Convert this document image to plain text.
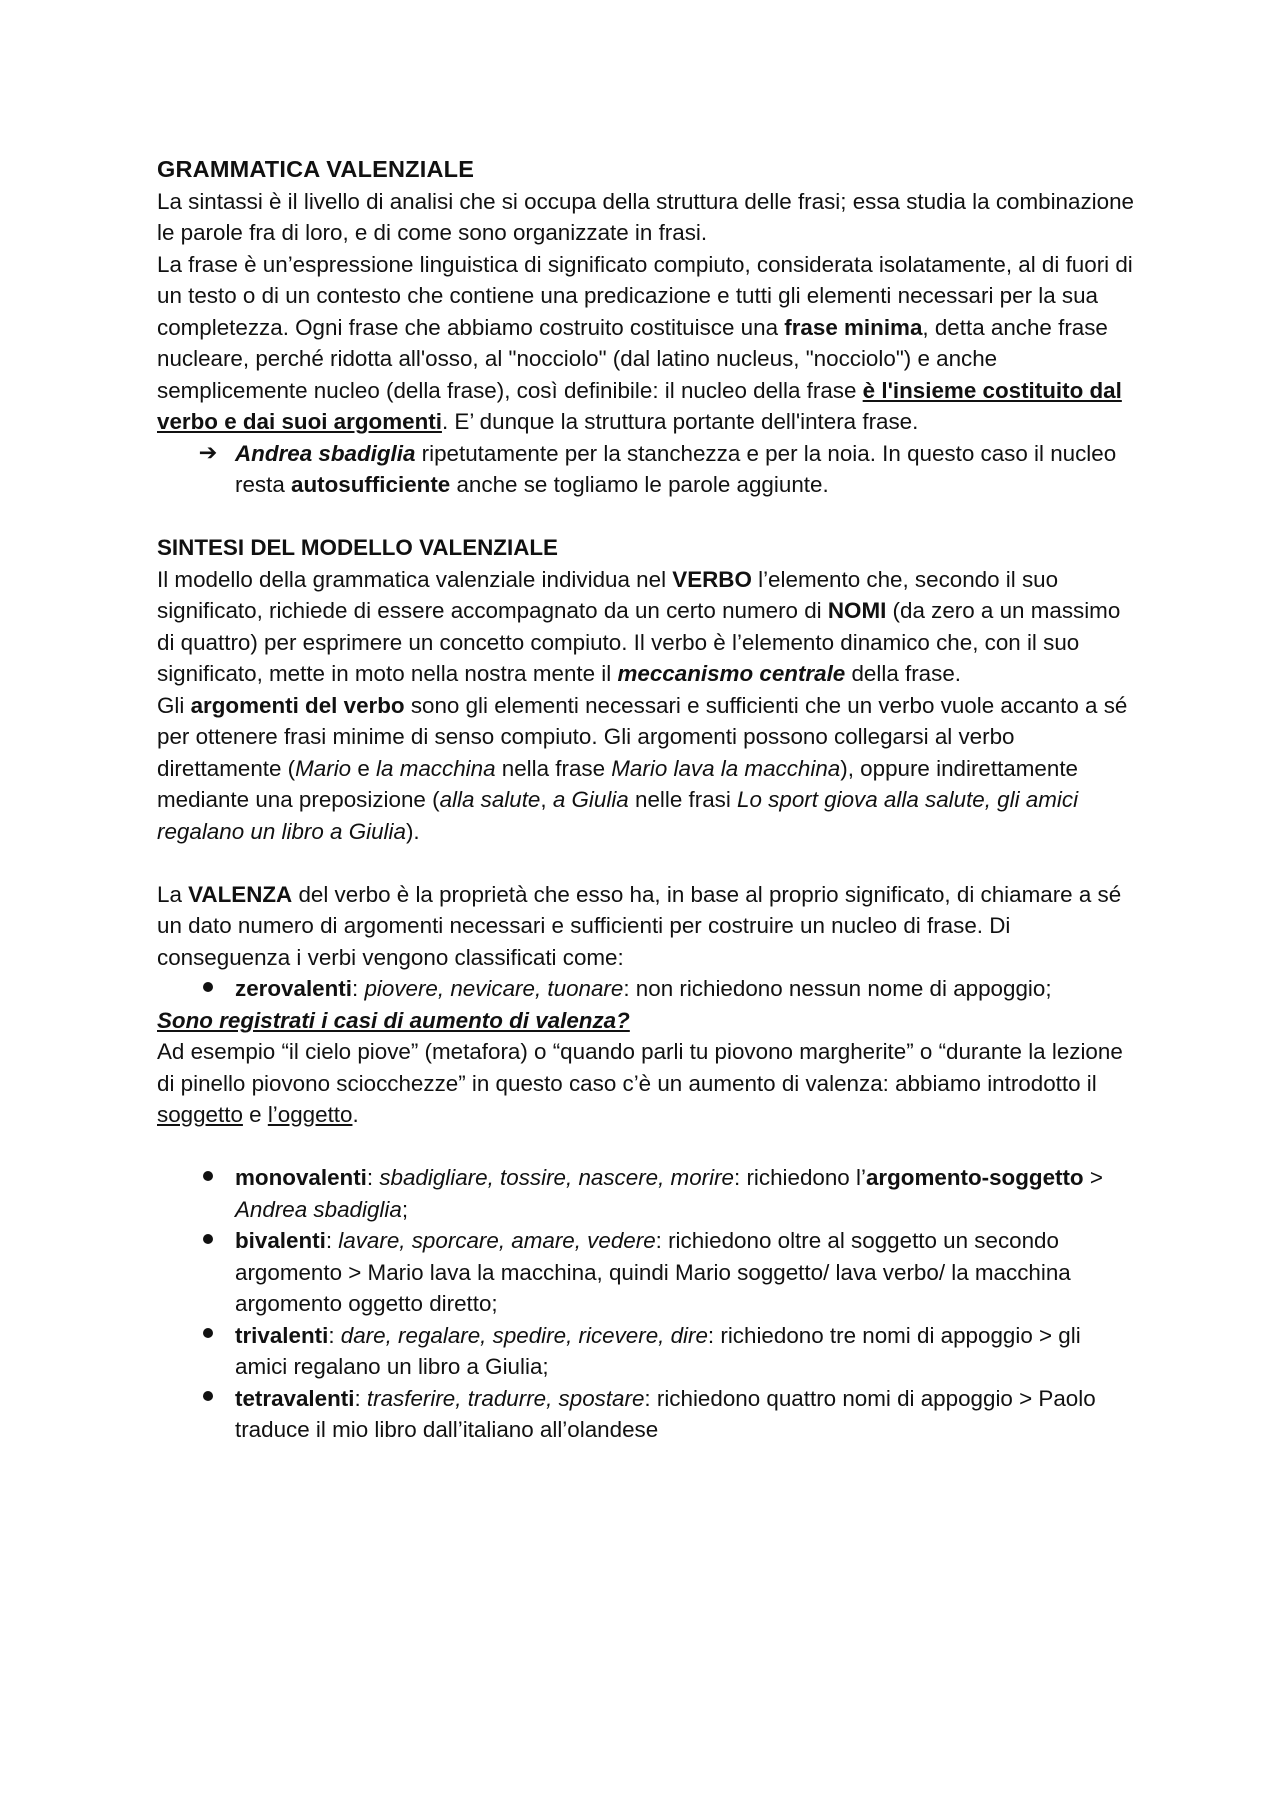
GRAMMATICA VALENZIALE

La sintassi è il livello di analisi che si occupa della struttura delle frasi; essa studia la combinazione le parole fra di loro, e di come sono organizzate in frasi.

La frase è un’espressione linguistica di significato compiuto, considerata isolatamente, al di fuori di un testo o di un contesto che contiene una predicazione e tutti gli elementi necessari per la sua completezza. Ogni frase che abbiamo costruito costituisce una frase minima, detta anche frase nucleare, perché ridotta all'osso, al "nocciolo" (dal latino nucleus, "nocciolo") e anche semplicemente nucleo (della frase), così definibile: il nucleo della frase è l'insieme costituito dal verbo e dai suoi argomenti. E’ dunque la struttura portante dell'intera frase.

➔ Andrea sbadiglia ripetutamente per la stanchezza e per la noia. In questo caso il nucleo resta autosufficiente anche se togliamo le parole aggiunte.

SINTESI DEL MODELLO VALENZIALE

Il modello della grammatica valenziale individua nel VERBO l’elemento che, secondo il suo significato, richiede di essere accompagnato da un certo numero di NOMI (da zero a un massimo di quattro) per esprimere un concetto compiuto. Il verbo è l’elemento dinamico che, con il suo significato, mette in moto nella nostra mente il meccanismo centrale della frase.

Gli argomenti del verbo sono gli elementi necessari e sufficienti che un verbo vuole accanto a sé per ottenere frasi minime di senso compiuto. Gli argomenti possono collegarsi al verbo direttamente (Mario e la macchina nella frase Mario lava la macchina), oppure indirettamente mediante una preposizione (alla salute, a Giulia nelle frasi Lo sport giova alla salute, gli amici regalano un libro a Giulia).

La VALENZA del verbo è la proprietà che esso ha, in base al proprio significato, di chiamare a sé un dato numero di argomenti necessari e sufficienti per costruire un nucleo di frase. Di conseguenza i verbi vengono classificati come:

zerovalenti: piovere, nevicare, tuonare: non richiedono nessun nome di appoggio;

Sono registrati i casi di aumento di valenza?

Ad esempio “il cielo piove” (metafora) o “quando parli tu piovono margherite” o “durante la lezione di pinello piovono sciocchezze” in questo caso c’è un aumento di valenza: abbiamo introdotto il soggetto e l’oggetto.

monovalenti: sbadigliare, tossire, nascere, morire: richiedono l’argomento-soggetto > Andrea sbadiglia;
bivalenti: lavare, sporcare, amare, vedere: richiedono oltre al soggetto un secondo argomento > Mario lava la macchina, quindi Mario soggetto/ lava verbo/ la macchina argomento oggetto diretto;
trivalenti: dare, regalare, spedire, ricevere, dire: richiedono tre nomi di appoggio > gli amici regalano un libro a Giulia;
tetravalenti: trasferire, tradurre, spostare: richiedono quattro nomi di appoggio > Paolo traduce il mio libro dall’italiano all’olandese
